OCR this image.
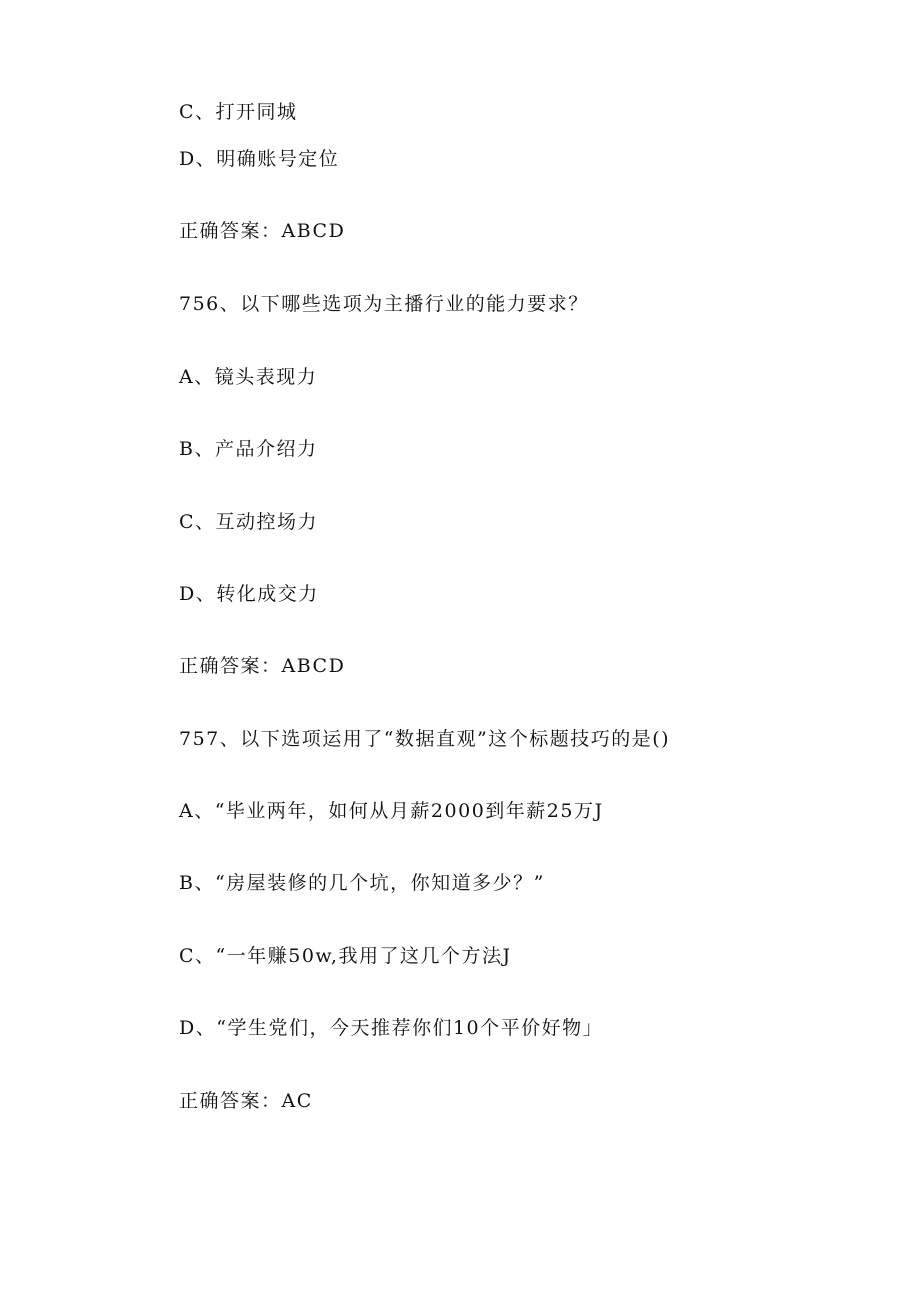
C、打开同城
D、明确账号定位
正确答案：ABCD
756、以下哪些选项为主播行业的能力要求？
A、镜头表现力
B、产品介绍力
C、互动控场力
D、转化成交力
正确答案：ABCD
757、以下选项运用了“数据直观”这个标题技巧的是()
A、“毕业两年，如何从月薪2000到年薪25万J
B、“房屋装修的几个坑，你知道多少？”
C、“一年赚50w,我用了这几个方法J
D、“学生党们，今天推荐你们10个平价好物」
正确答案：AC
